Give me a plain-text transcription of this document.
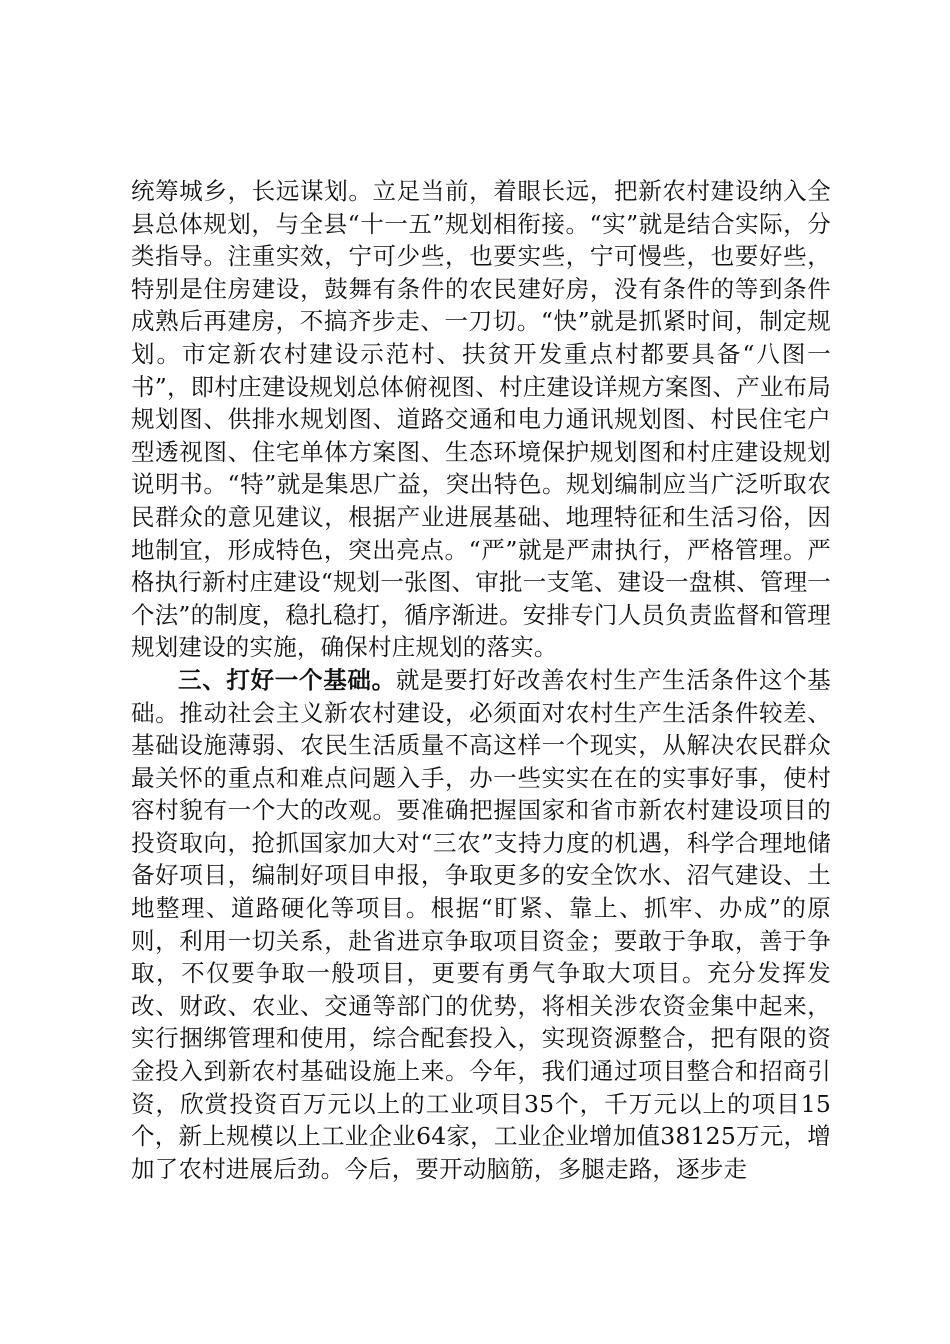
统筹城乡，长远谋划。立足当前，着眼长远，把新农村建设纳入全县总体规划，与全县“十一五”规划相衔接。“实”就是结合实际，分类指导。注重实效，宁可少些，也要实些，宁可慢些，也要好些，特别是住房建设，鼓舞有条件的农民建好房，没有条件的等到条件成熟后再建房，不搞齐步走、一刀切。“快”就是抓紧时间，制定规划。市定新农村建设示范村、扶贫开发重点村都要具备“八图一书”，即村庄建设规划总体俯视图、村庄建设详规方案图、产业布局规划图、供排水规划图、道路交通和电力通讯规划图、村民住宅户型透视图、住宅单体方案图、生态环境保护规划图和村庄建设规划说明书。“特”就是集思广益，突出特色。规划编制应当广泛听取农民群众的意见建议，根据产业进展基础、地理特征和生活习俗，因地制宜，形成特色，突出亮点。“严”就是严肃执行，严格管理。严格执行新村庄建设“规划一张图、审批一支笔、建设一盘棋、管理一个法”的制度，稳扎稳打，循序渐进。安排专门人员负责监督和管理规划建设的实施，确保村庄规划的落实。

三、打好一个基础。就是要打好改善农村生产生活条件这个基础。推动社会主义新农村建设，必须面对农村生产生活条件较差、基础设施薄弱、农民生活质量不高这样一个现实，从解决农民群众最关怀的重点和难点问题入手，办一些实实在在的实事好事，使村容村貌有一个大的改观。要准确把握国家和省市新农村建设项目的投资取向，抢抓国家加大对“三农”支持力度的机遇，科学合理地储备好项目，编制好项目申报，争取更多的安全饮水、沼气建设、土地整理、道路硬化等项目。根据“盯紧、靠上、抓牢、办成”的原则，利用一切关系，赴省进京争取项目资金；要敢于争取，善于争取，不仅要争取一般项目，更要有勇气争取大项目。充分发挥发改、财政、农业、交通等部门的优势，将相关涉农资金集中起来，实行捆绑管理和使用，综合配套投入，实现资源整合，把有限的资金投入到新农村基础设施上来。今年，我们通过项目整合和招商引资，欣赏投资百万元以上的工业项目35个，千万元以上的项目15个，新上规模以上工业企业64家，工业企业增加值38125万元，增加了农村进展后劲。今后，要开动脑筋，多腿走路，逐步走
